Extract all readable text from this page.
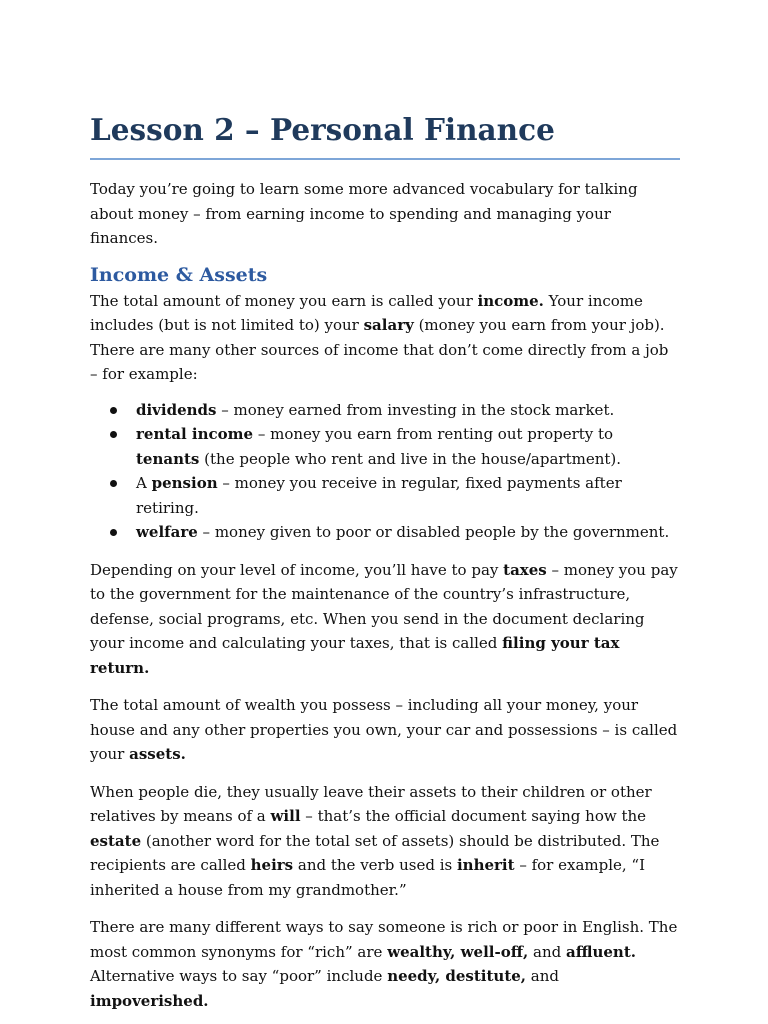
Lesson 2 – Personal Finance

Today you’re going to learn some more advanced vocabulary for talking about money – from earning income to spending and managing your finances.

Income & Assets

The total amount of money you earn is called your income. Your income includes (but is not limited to) your salary (money you earn from your job). There are many other sources of income that don’t come directly from a job – for example:

dividends – money earned from investing in the stock market.
rental income – money you earn from renting out property to tenants (the people who rent and live in the house/apartment).
A pension – money you receive in regular, fixed payments after retiring.
welfare – money given to poor or disabled people by the government.

Depending on your level of income, you’ll have to pay taxes – money you pay to the government for the maintenance of the country’s infrastructure, defense, social programs, etc. When you send in the document declaring your income and calculating your taxes, that is called filing your tax return.

The total amount of wealth you possess – including all your money, your house and any other properties you own, your car and possessions – is called your assets.

When people die, they usually leave their assets to their children or other relatives by means of a will – that’s the official document saying how the estate (another word for the total set of assets) should be distributed. The recipients are called heirs and the verb used is inherit – for example, “I inherited a house from my grandmother.”

There are many different ways to say someone is rich or poor in English. The most common synonyms for “rich” are wealthy, well-off, and affluent. Alternative ways to say “poor” include needy, destitute, and impoverished.
